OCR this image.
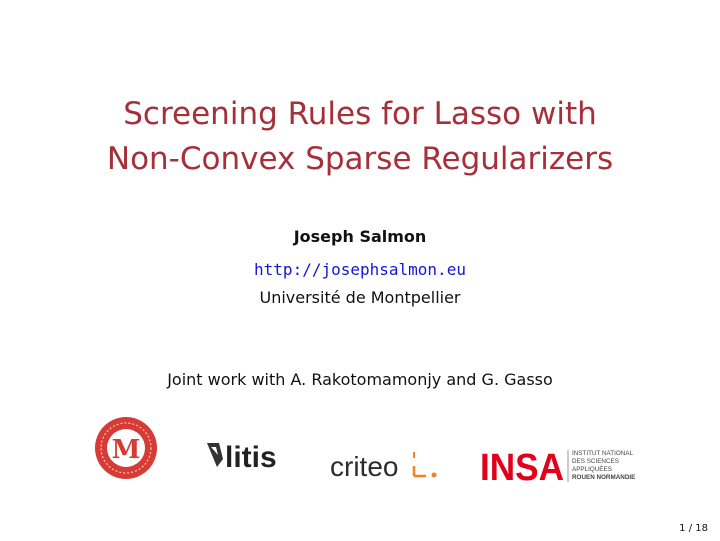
Screening Rules for Lasso with
Non-Convex Sparse Regularizers
Joseph Salmon
http://josephsalmon.eu
Université de Montpellier
Joint work with A. Rakotomamonjy and G. Gasso
M	litis criteo INSA INSTITUT NATIONAL
DES SCIENCES
APPLIQUÉES
ROUEN NORMANDIE
1 / 18
